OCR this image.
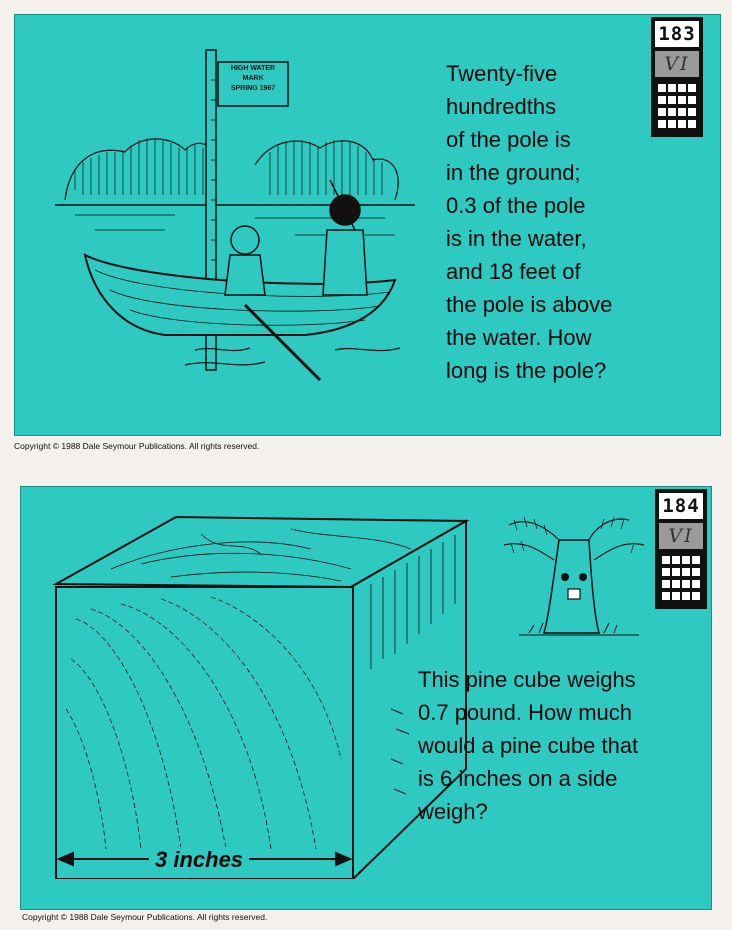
HIGH WATER
MARK
SPRING 1967
Twenty-five
hundredths
of the pole is
in the ground;
0.3 of the pole
is in the water,
and 18 feet of
the pole is above
the water. How
long is the pole?
183
VI
Copyright © 1988 Dale Seymour Publications. All rights reserved.
3 inches
This pine cube weighs
0.7 pound. How much
would a pine cube that
is 6 inches on a side
weigh?
184
VI
Copyright © 1988 Dale Seymour Publications. All rights reserved.
